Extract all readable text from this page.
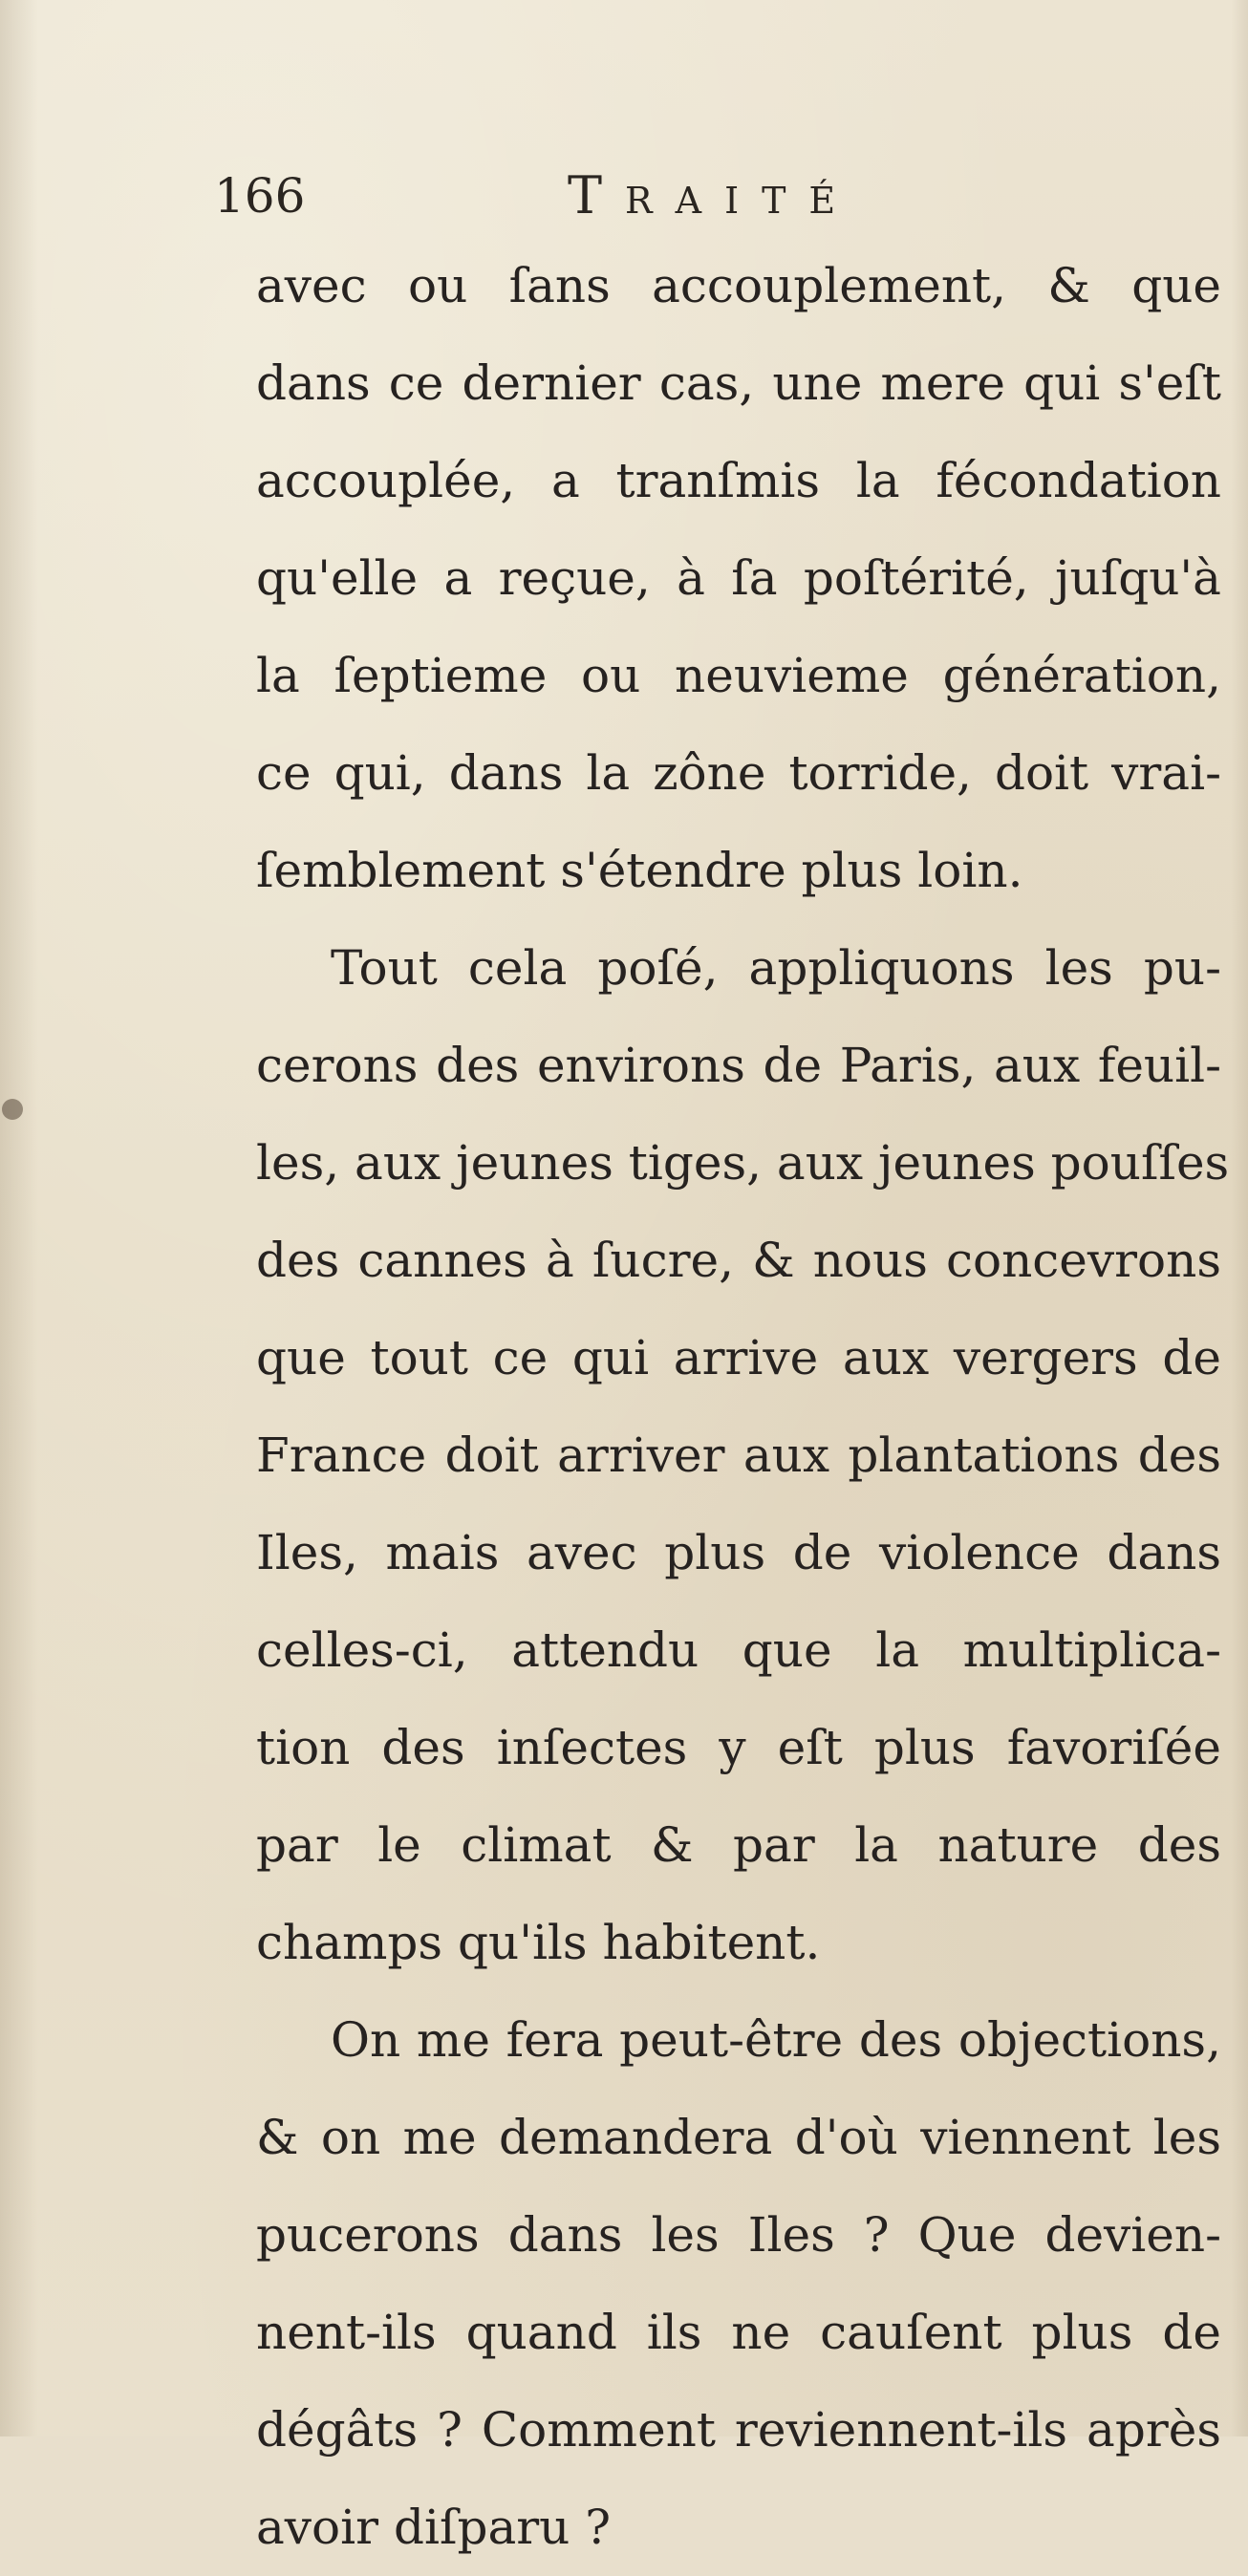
166	Traité
avec ou ſans accouplement, & que
dans ce dernier cas, une mere qui s'eſt
accouplée, a tranſmis la fécondation
qu'elle a reçue, à ſa poſtérité, juſqu'à
la ſeptieme ou neuvieme génération,
ce qui, dans la zône torride, doit vrai-
ſemblement s'étendre plus loin.
Tout cela poſé, appliquons les pu-
cerons des environs de Paris, aux feuil-
les, aux jeunes tiges, aux jeunes pouſſes
des cannes à ſucre, & nous concevrons
que tout ce qui arrive aux vergers de
France doit arriver aux plantations des
Iles, mais avec plus de violence dans
celles-ci, attendu que la multiplica-
tion des inſectes y eſt plus favoriſée
par le climat & par la nature des
champs qu'ils habitent.
On me fera peut-être des objections,
& on me demandera d'où viennent les
pucerons dans les Iles ? Que devien-
nent-ils quand ils ne cauſent plus de
dégâts ? Comment reviennent-ils après
avoir diſparu ?
